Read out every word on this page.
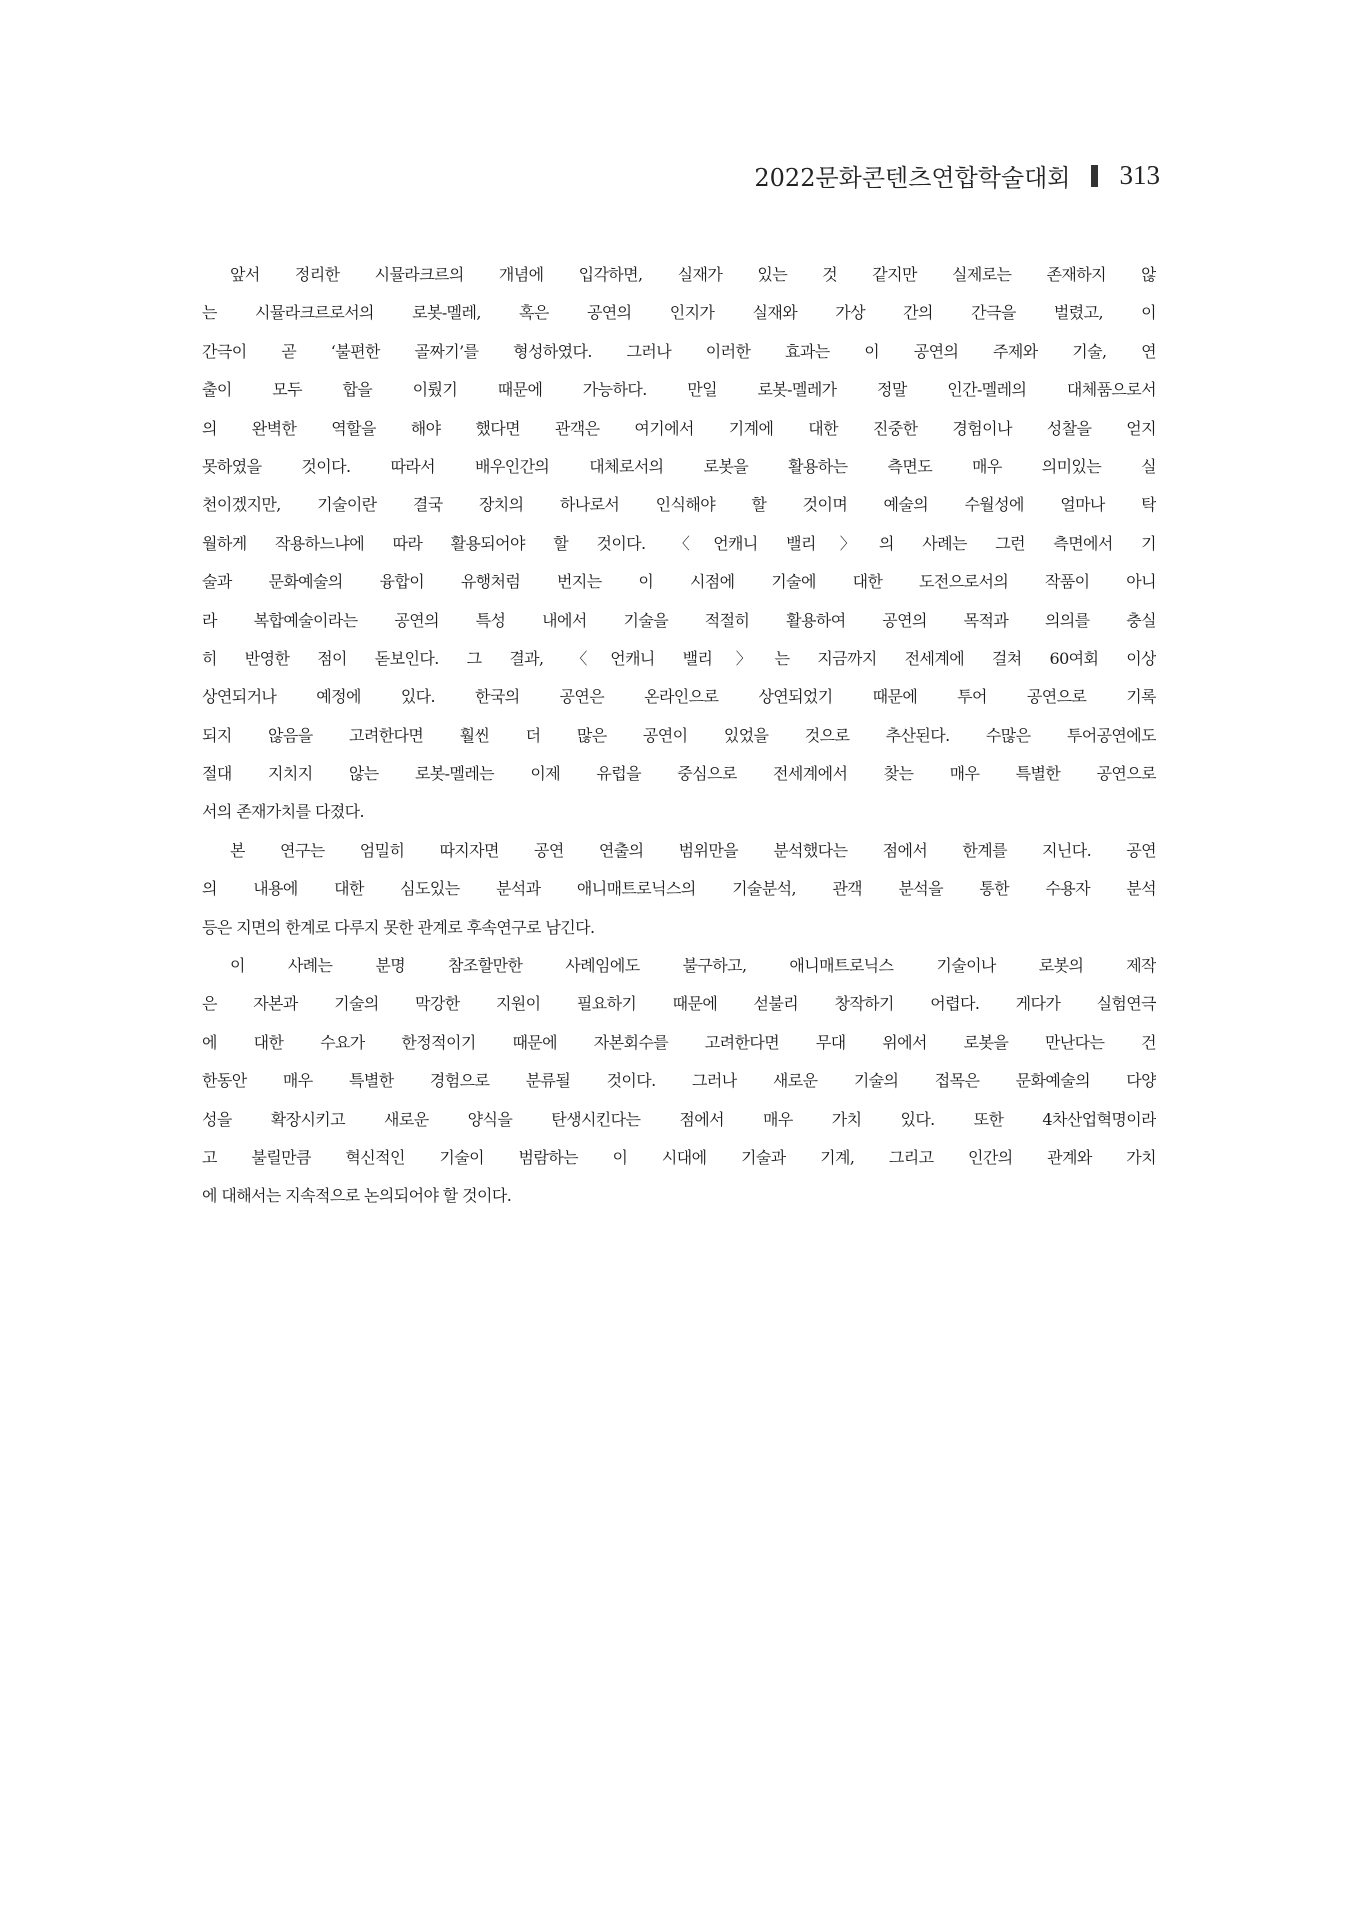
2022문화콘텐츠연합학술대회 313
앞서 정리한 시뮬라크르의 개념에 입각하면, 실재가 있는 것 같지만 실제로는 존재하지 않
는 시뮬라크르로서의 로봇-멜레, 혹은 공연의 인지가 실재와 가상 간의 간극을 벌렸고, 이
간극이 곧 ‘불편한 골짜기’를 형성하였다. 그러나 이러한 효과는 이 공연의 주제와 기술, 연
출이 모두 합을 이뤘기 때문에 가능하다. 만일 로봇-멜레가 정말 인간-멜레의 대체품으로서
의 완벽한 역할을 해야 했다면 관객은 여기에서 기계에 대한 진중한 경험이나 성찰을 얻지
못하였을 것이다. 따라서 배우인간의 대체로서의 로봇을 활용하는 측면도 매우 의미있는 실
천이겠지만, 기술이란 결국 장치의 하나로서 인식해야 할 것이며 예술의 수월성에 얼마나 탁
월하게 작용하느냐에 따라 활용되어야 할 것이다. 〈언캐니 밸리〉의 사례는 그런 측면에서 기
술과 문화예술의 융합이 유행처럼 번지는 이 시점에 기술에 대한 도전으로서의 작품이 아니
라 복합예술이라는 공연의 특성 내에서 기술을 적절히 활용하여 공연의 목적과 의의를 충실
히 반영한 점이 돋보인다. 그 결과, 〈언캐니 밸리〉는 지금까지 전세계에 걸쳐 60여회 이상
상연되거나 예정에 있다. 한국의 공연은 온라인으로 상연되었기 때문에 투어 공연으로 기록
되지 않음을 고려한다면 훨씬 더 많은 공연이 있었을 것으로 추산된다. 수많은 투어공연에도
절대 지치지 않는 로봇-멜레는 이제 유럽을 중심으로 전세계에서 찾는 매우 특별한 공연으로
서의 존재가치를 다졌다.
본 연구는 엄밀히 따지자면 공연 연출의 범위만을 분석했다는 점에서 한계를 지닌다. 공연
의 내용에 대한 심도있는 분석과 애니매트로닉스의 기술분석, 관객 분석을 통한 수용자 분석
등은 지면의 한계로 다루지 못한 관계로 후속연구로 남긴다.
이 사례는 분명 참조할만한 사례임에도 불구하고, 애니매트로닉스 기술이나 로봇의 제작
은 자본과 기술의 막강한 지원이 필요하기 때문에 섣불리 창작하기 어렵다. 게다가 실험연극
에 대한 수요가 한정적이기 때문에 자본회수를 고려한다면 무대 위에서 로봇을 만난다는 건
한동안 매우 특별한 경험으로 분류될 것이다. 그러나 새로운 기술의 접목은 문화예술의 다양
성을 확장시키고 새로운 양식을 탄생시킨다는 점에서 매우 가치 있다. 또한 4차산업혁명이라
고 불릴만큼 혁신적인 기술이 범람하는 이 시대에 기술과 기계, 그리고 인간의 관계와 가치
에 대해서는 지속적으로 논의되어야 할 것이다.
